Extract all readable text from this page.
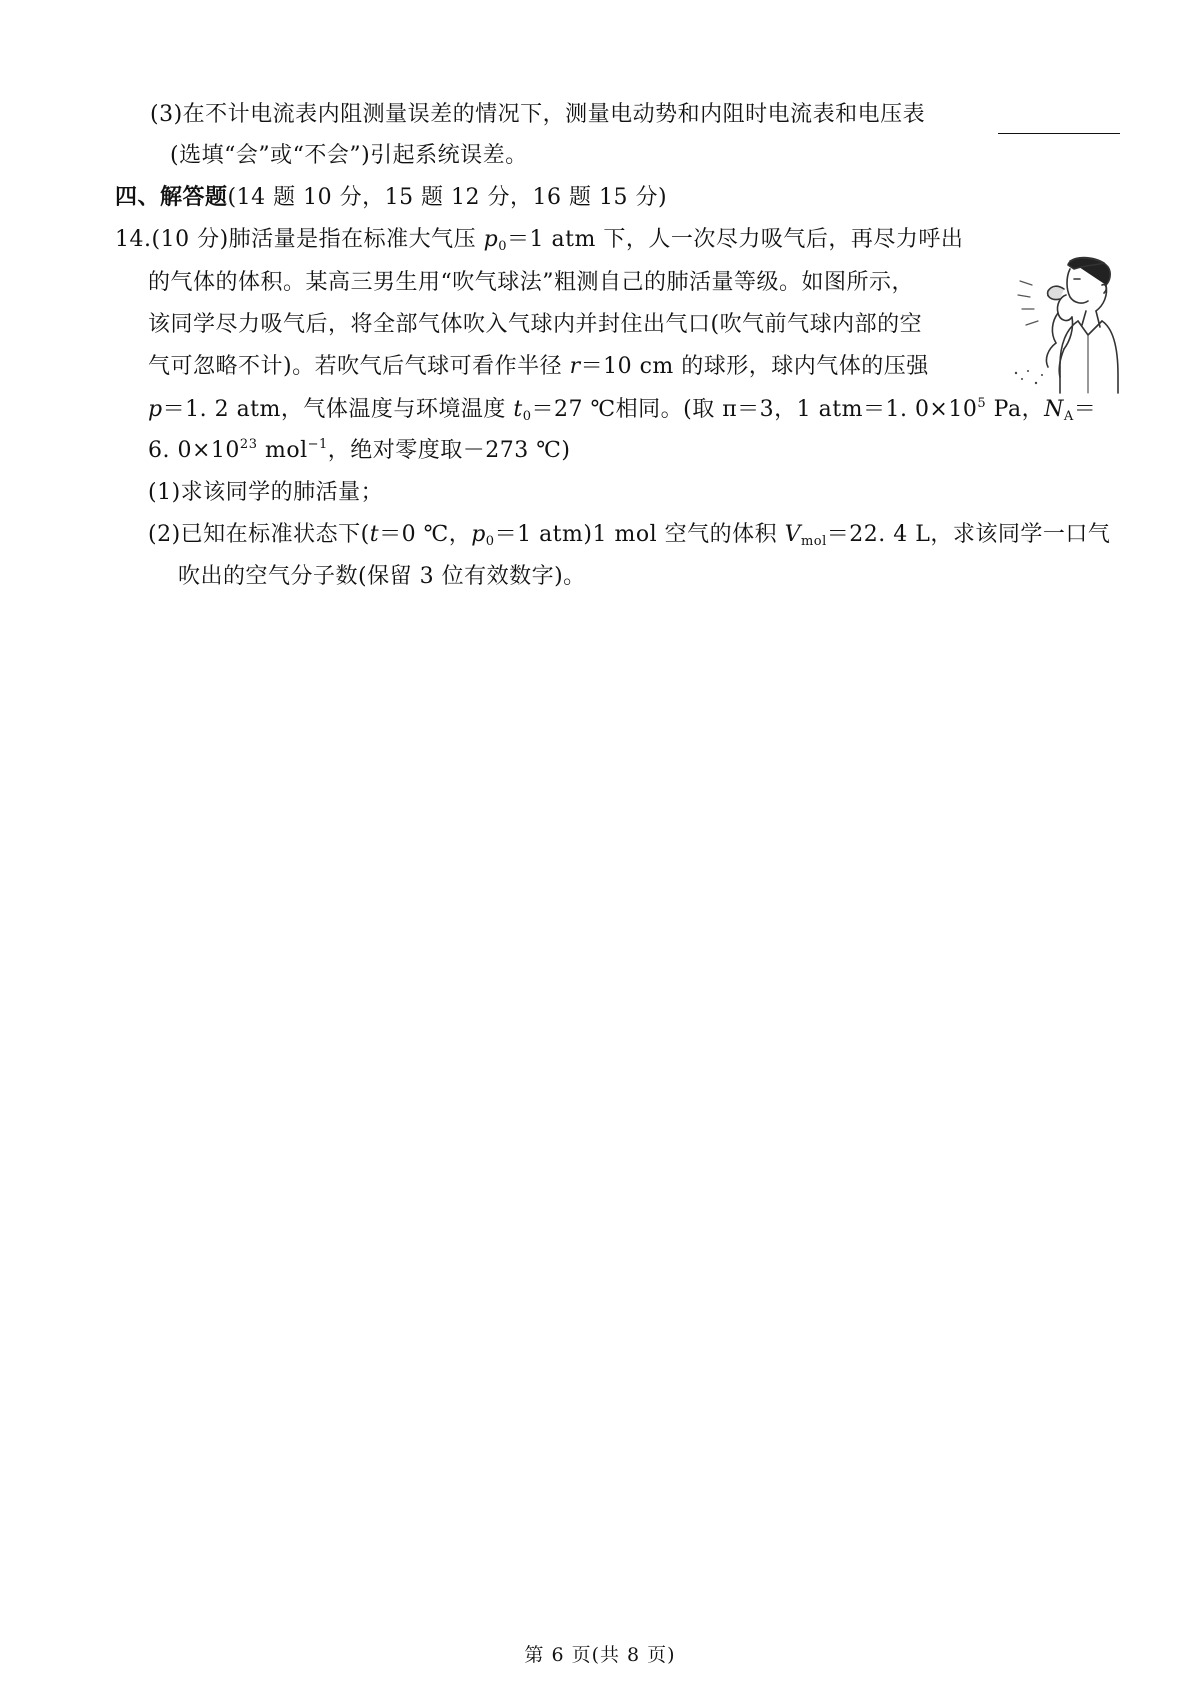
(3)在不计电流表内阻测量误差的情况下，测量电动势和内阻时电流表和电压表
(选填“会”或“不会”)引起系统误差。
四、解答题(14 题 10 分，15 题 12 分，16 题 15 分)
14.(10 分)肺活量是指在标准大气压 $p_0=1$ atm 下，人一次尽力吸气后，再尽力呼出
的气体的体积。某高三男生用“吹气球法”粗测自己的肺活量等级。如图所示，
该同学尽力吸气后，将全部气体吹入气球内并封住出气口(吹气前气球内部的空
气可忽略不计)。若吹气后气球可看作半径 r＝10 cm 的球形，球内气体的压强
p＝1. 2 atm，气体温度与环境温度 $t_0=27$ ℃相同。(取 π＝3，1 atm＝1. $0\times 10^5$ Pa，$N_A=$
6. $0\times 10^{23}$ mol$^{-1}$，绝对零度取－273 ℃)
(1)求该同学的肺活量；
(2)已知在标准状态下(t＝0 ℃，$p_0=1$ atm)1 mol 空气的体积 $V_{mol}=22$. 4 L，求该同学一口气
吹出的空气分子数(保留 3 位有效数字)。
第 6 页(共 8 页)
